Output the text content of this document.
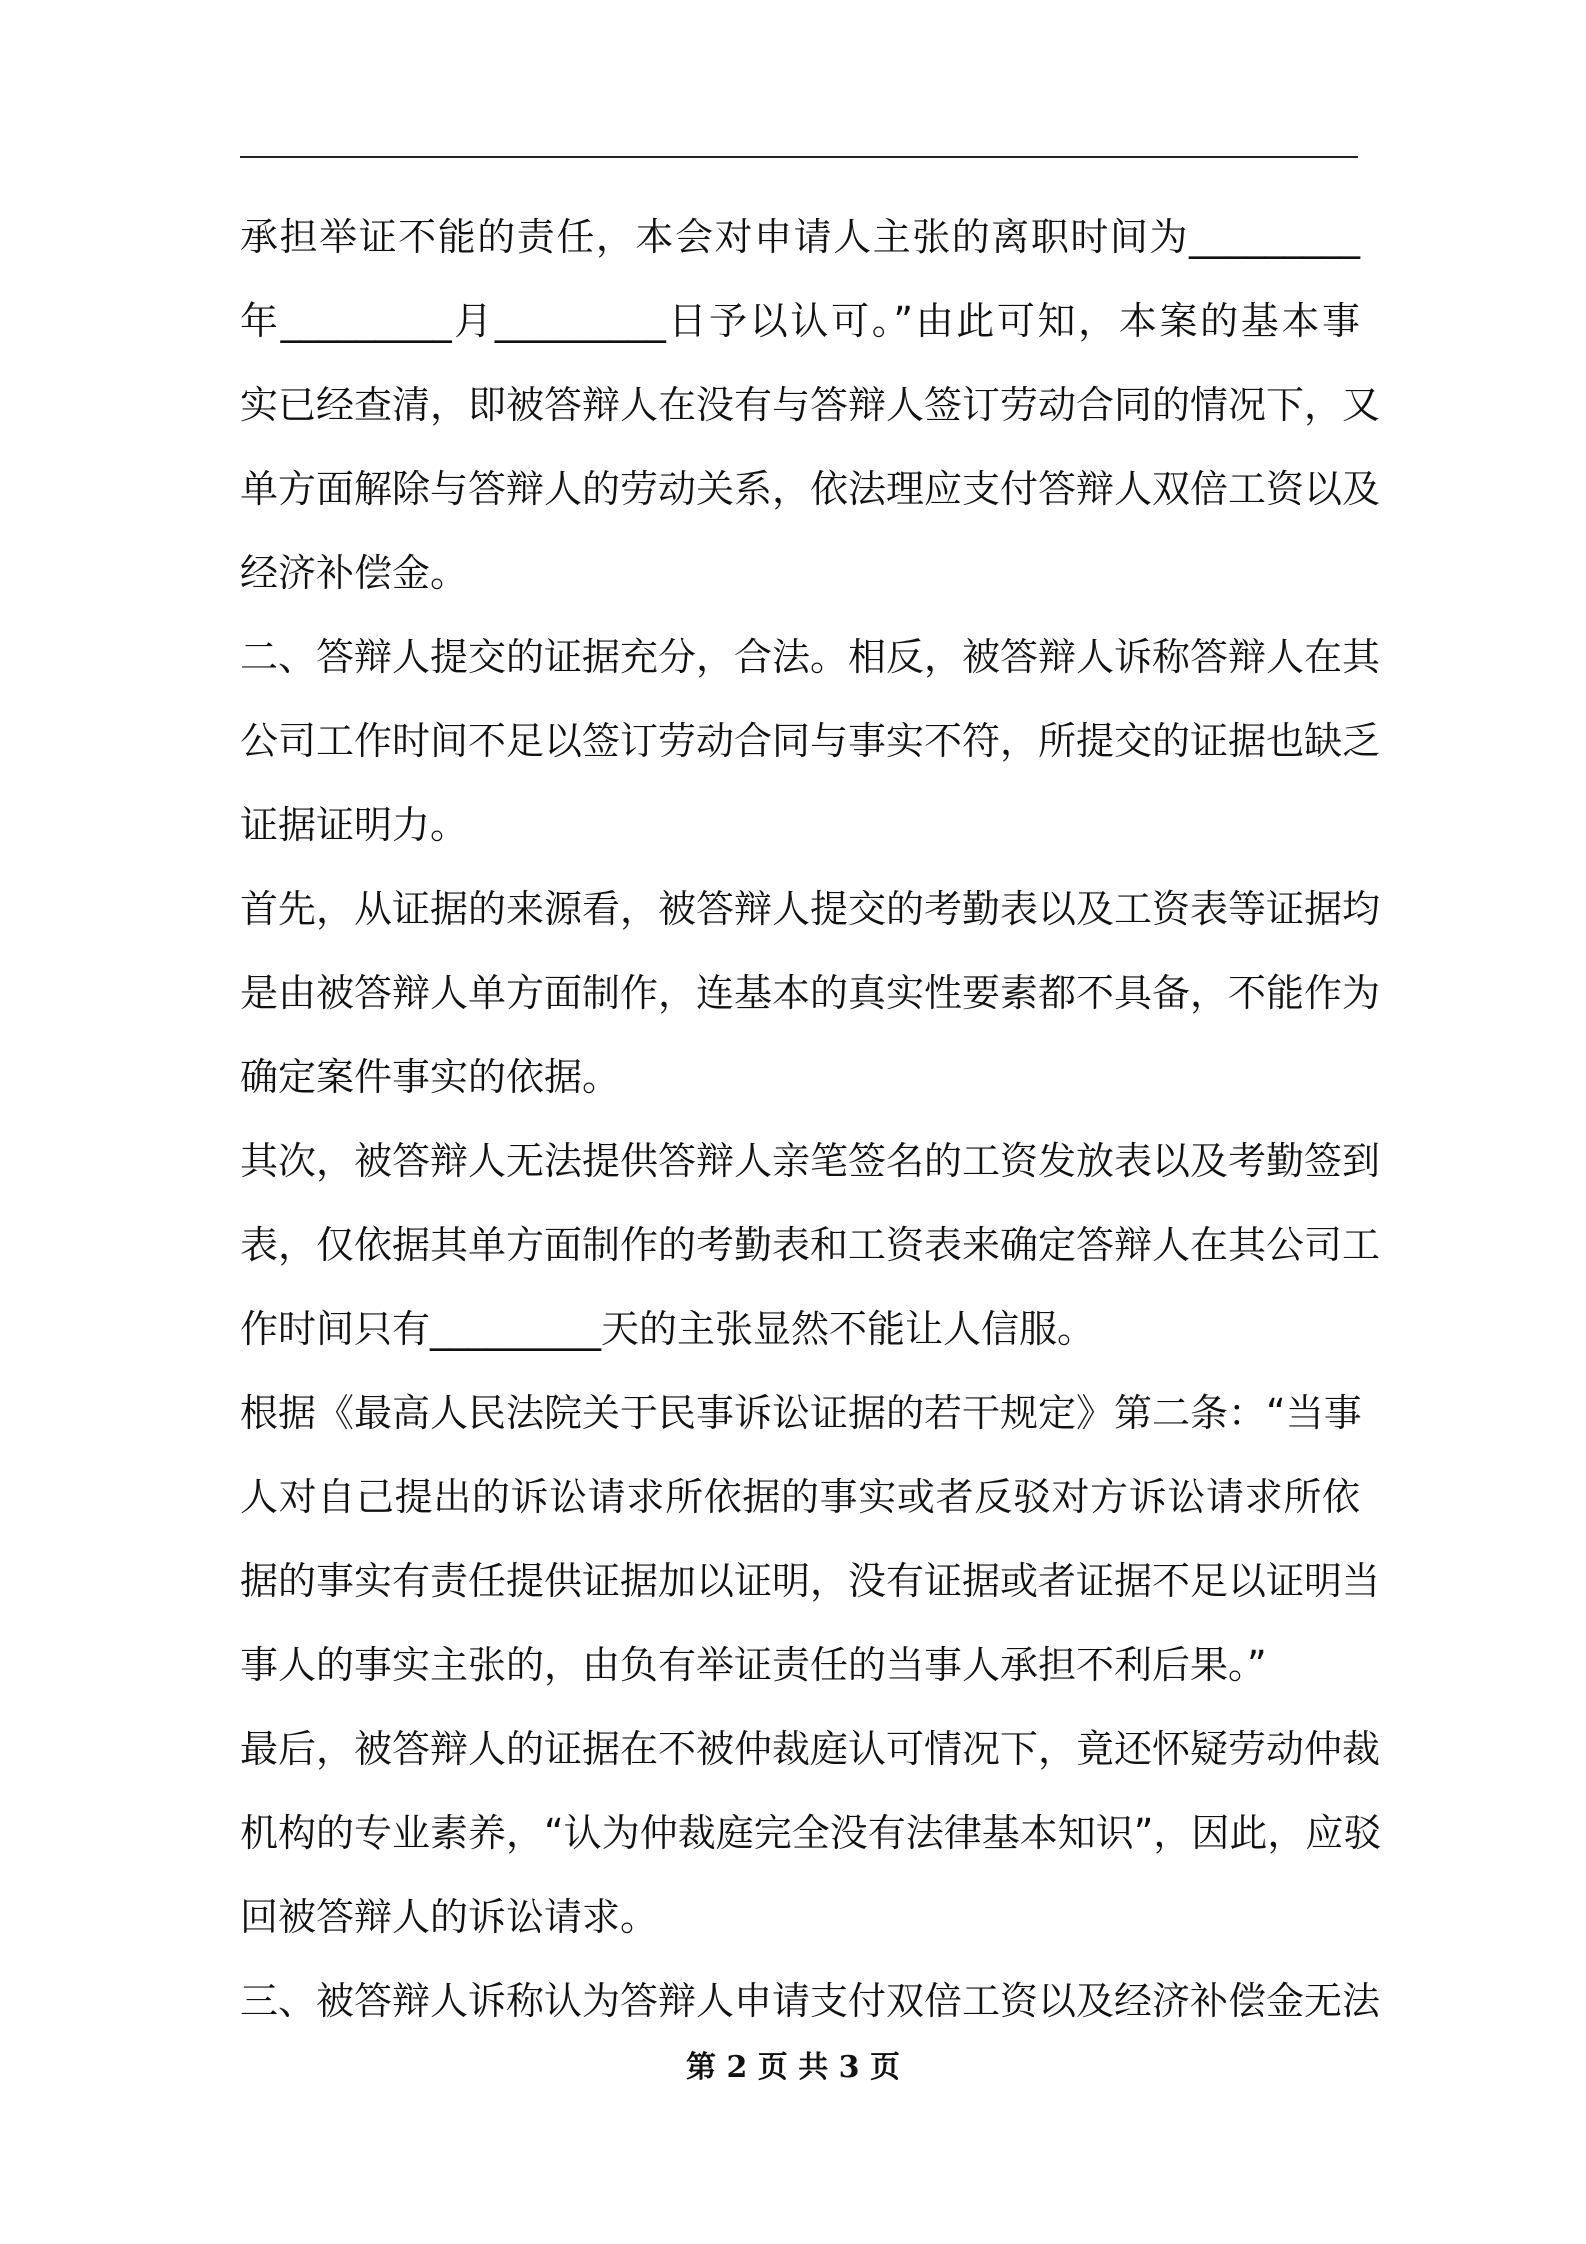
承担举证不能的责任，本会对申请人主张的离职时间为_________
年_________月_________日予以认可。”由此可知，本案的基本事
实已经查清，即被答辩人在没有与答辩人签订劳动合同的情况下，又
单方面解除与答辩人的劳动关系，依法理应支付答辩人双倍工资以及
经济补偿金。
二、答辩人提交的证据充分，合法。相反，被答辩人诉称答辩人在其
公司工作时间不足以签订劳动合同与事实不符，所提交的证据也缺乏
证据证明力。
首先，从证据的来源看，被答辩人提交的考勤表以及工资表等证据均
是由被答辩人单方面制作，连基本的真实性要素都不具备，不能作为
确定案件事实的依据。
其次，被答辩人无法提供答辩人亲笔签名的工资发放表以及考勤签到
表，仅依据其单方面制作的考勤表和工资表来确定答辩人在其公司工
作时间只有_________天的主张显然不能让人信服。
根据《最高人民法院关于民事诉讼证据的若干规定》第二条：“当事
人对自己提出的诉讼请求所依据的事实或者反驳对方诉讼请求所依
据的事实有责任提供证据加以证明，没有证据或者证据不足以证明当
事人的事实主张的，由负有举证责任的当事人承担不利后果。”
最后，被答辩人的证据在不被仲裁庭认可情况下，竟还怀疑劳动仲裁
机构的专业素养，“认为仲裁庭完全没有法律基本知识”，因此，应驳
回被答辩人的诉讼请求。
三、被答辩人诉称认为答辩人申请支付双倍工资以及经济补偿金无法
第 2 页 共 3 页
